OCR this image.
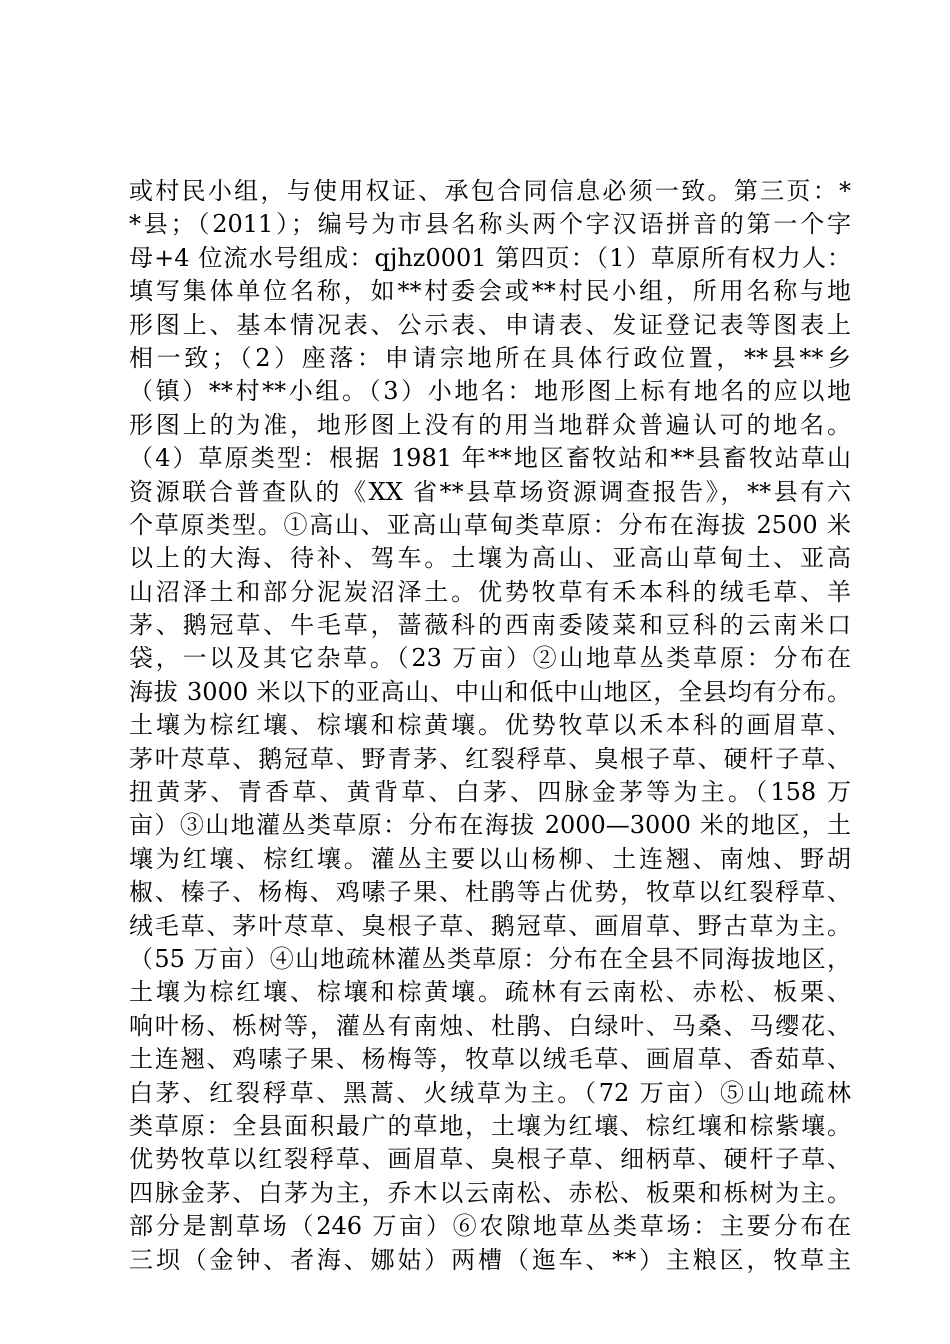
或村民小组，与使用权证、承包合同信息必须一致。第三页：*
*县；（2011）；编号为市县名称头两个字汉语拼音的第一个字
母+4 位流水号组成：qjhz0001 第四页：（1）草原所有权力人：
填写集体单位名称，如**村委会或**村民小组，所用名称与地
形图上、基本情况表、公示表、申请表、发证登记表等图表上
相一致；（2）座落：申请宗地所在具体行政位置，**县**乡
（镇）**村**小组。（3）小地名：地形图上标有地名的应以地
形图上的为准，地形图上没有的用当地群众普遍认可的地名。
（4）草原类型：根据 1981 年**地区畜牧站和**县畜牧站草山
资源联合普查队的《XX 省**县草场资源调查报告》，**县有六
个草原类型。①高山、亚高山草甸类草原：分布在海拔 2500 米
以上的大海、待补、驾车。土壤为高山、亚高山草甸土、亚高
山沼泽土和部分泥炭沼泽土。优势牧草有禾本科的绒毛草、羊
茅、鹅冠草、牛毛草，蔷薇科的西南委陵菜和豆科的云南米口
袋，一以及其它杂草。（23 万亩）②山地草丛类草原：分布在
海拔 3000 米以下的亚高山、中山和低中山地区，全县均有分布。
土壤为棕红壤、棕壤和棕黄壤。优势牧草以禾本科的画眉草、
茅叶荩草、鹅冠草、野青茅、红裂稃草、臭根子草、硬杆子草、
扭黄茅、青香草、黄背草、白茅、四脉金茅等为主。（158 万
亩）③山地灌丛类草原：分布在海拔 2000—3000 米的地区，土
壤为红壤、棕红壤。灌丛主要以山杨柳、土连翘、南烛、野胡
椒、榛子、杨梅、鸡嗉子果、杜鹃等占优势，牧草以红裂稃草、
绒毛草、茅叶荩草、臭根子草、鹅冠草、画眉草、野古草为主。
（55 万亩）④山地疏林灌丛类草原：分布在全县不同海拔地区，
土壤为棕红壤、棕壤和棕黄壤。疏林有云南松、赤松、板栗、
响叶杨、栎树等，灌丛有南烛、杜鹃、白绿叶、马桑、马缨花、
土连翘、鸡嗉子果、杨梅等，牧草以绒毛草、画眉草、香茹草、
白茅、红裂稃草、黑蒿、火绒草为主。（72 万亩）⑤山地疏林
类草原：全县面积最广的草地，土壤为红壤、棕红壤和棕紫壤。
优势牧草以红裂稃草、画眉草、臭根子草、细柄草、硬杆子草、
四脉金茅、白茅为主，乔木以云南松、赤松、板栗和栎树为主。
部分是割草场（246 万亩）⑥农隙地草丛类草场：主要分布在
三坝（金钟、者海、娜姑）两槽（迤车、**）主粮区，牧草主
